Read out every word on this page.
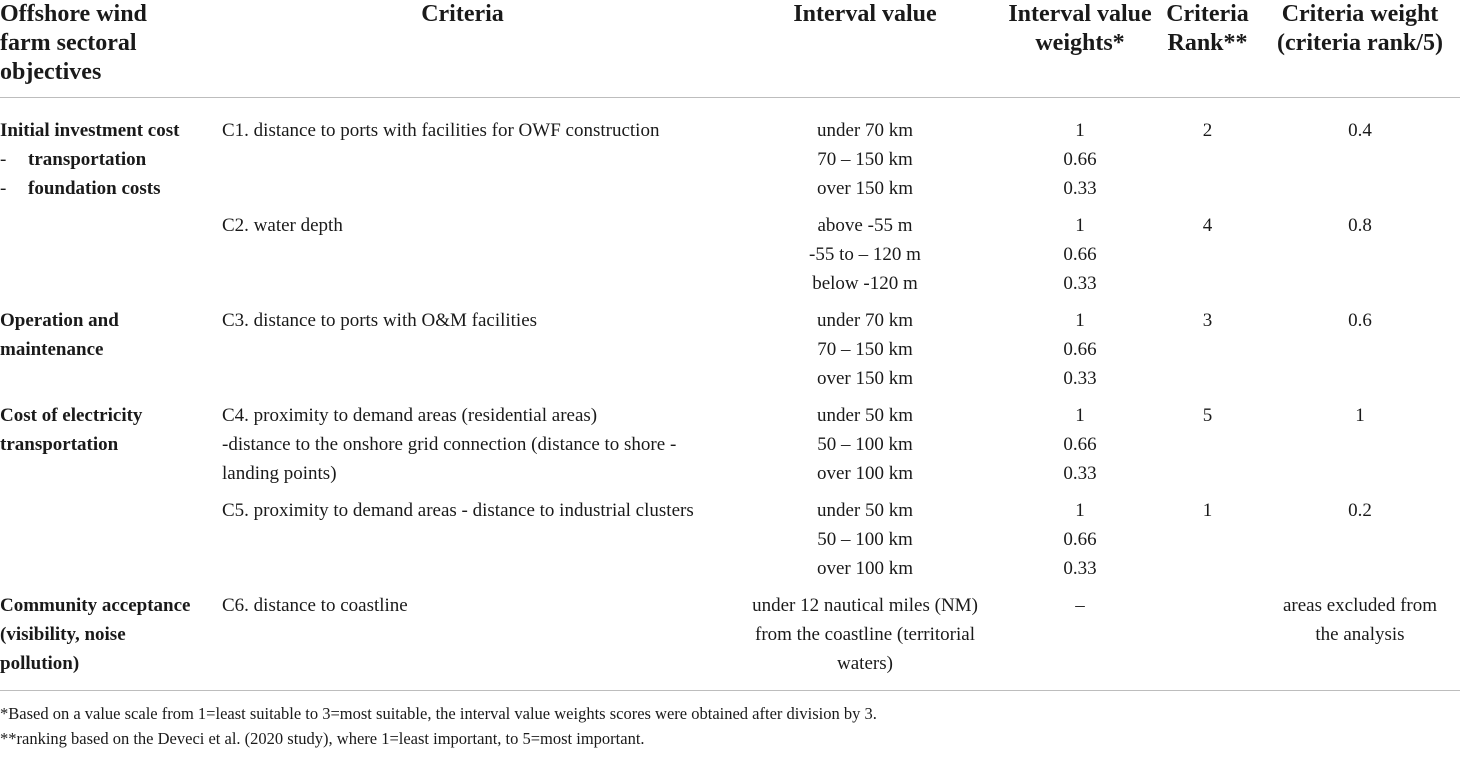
Offshore wind farm sectoral objectives	Criteria	Interval value	Interval value weights*	Criteria Rank**	Criteria weight (criteria rank/5)

Initial investment cost
- transportation
- foundation costs	C1. distance to ports with facilities for OWF construction	under 70 km
70 – 150 km
over 150 km	1
0.66
0.33	2	0.4

	C2. water depth	above -55 m
-55 to – 120 m
below -120 m	1
0.66
0.33	4	0.8

Operation and maintenance	C3. distance to ports with O&M facilities	under 70 km
70 – 150 km
over 150 km	1
0.66
0.33	3	0.6

Cost of electricity transportation	C4. proximity to demand areas (residential areas)
-distance to the onshore grid connection (distance to shore - landing points)	under 50 km
50 – 100 km
over 100 km	1
0.66
0.33	5	1

	C5. proximity to demand areas - distance to industrial clusters	under 50 km
50 – 100 km
over 100 km	1
0.66
0.33	1	0.2

Community acceptance (visibility, noise pollution)	C6. distance to coastline	under 12 nautical miles (NM) from the coastline (territorial waters)	–		areas excluded from the analysis
*Based on a value scale from 1=least suitable to 3=most suitable, the interval value weights scores were obtained after division by 3.
**ranking based on the Deveci et al. (2020 study), where 1=least important, to 5=most important.
